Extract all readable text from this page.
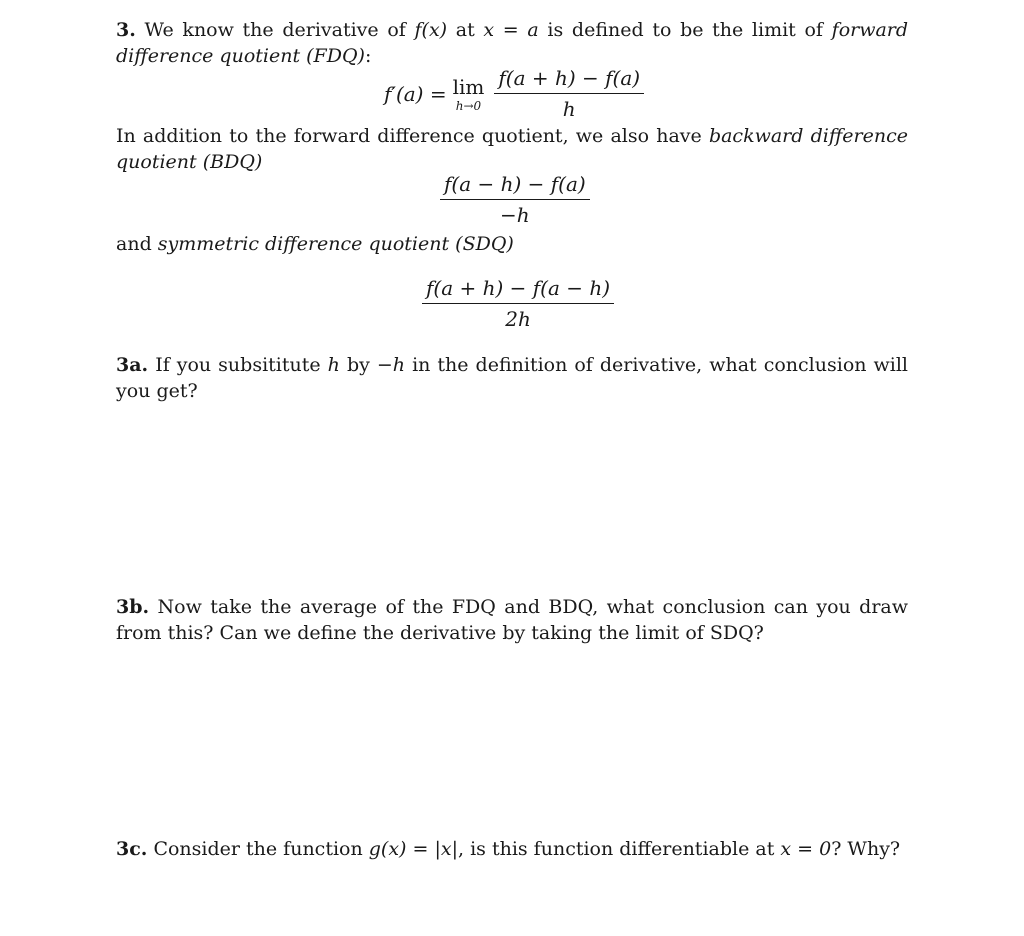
3. We know the derivative of f(x) at x = a is defined to be the limit of forward difference quotient (FDQ):
f′(a) = lim
$h\to 0 \frac{f(a + h) - f(a)}{h}$
In addition to the forward difference quotient, we also have backward difference quotient (BDQ)
$\frac{f(a - h) - f(a)}{-h}$
and symmetric difference quotient (SDQ)
$\frac{f(a + h) - f(a - h)}{2h}$
3a. If you subsititute h by −h in the definition of derivative, what conclusion will you get?
3b. Now take the average of the FDQ and BDQ, what conclusion can you draw from this? Can we define the derivative by taking the limit of SDQ?
3c. Consider the function g(x) = |x|, is this function differentiable at x = 0? Why?
